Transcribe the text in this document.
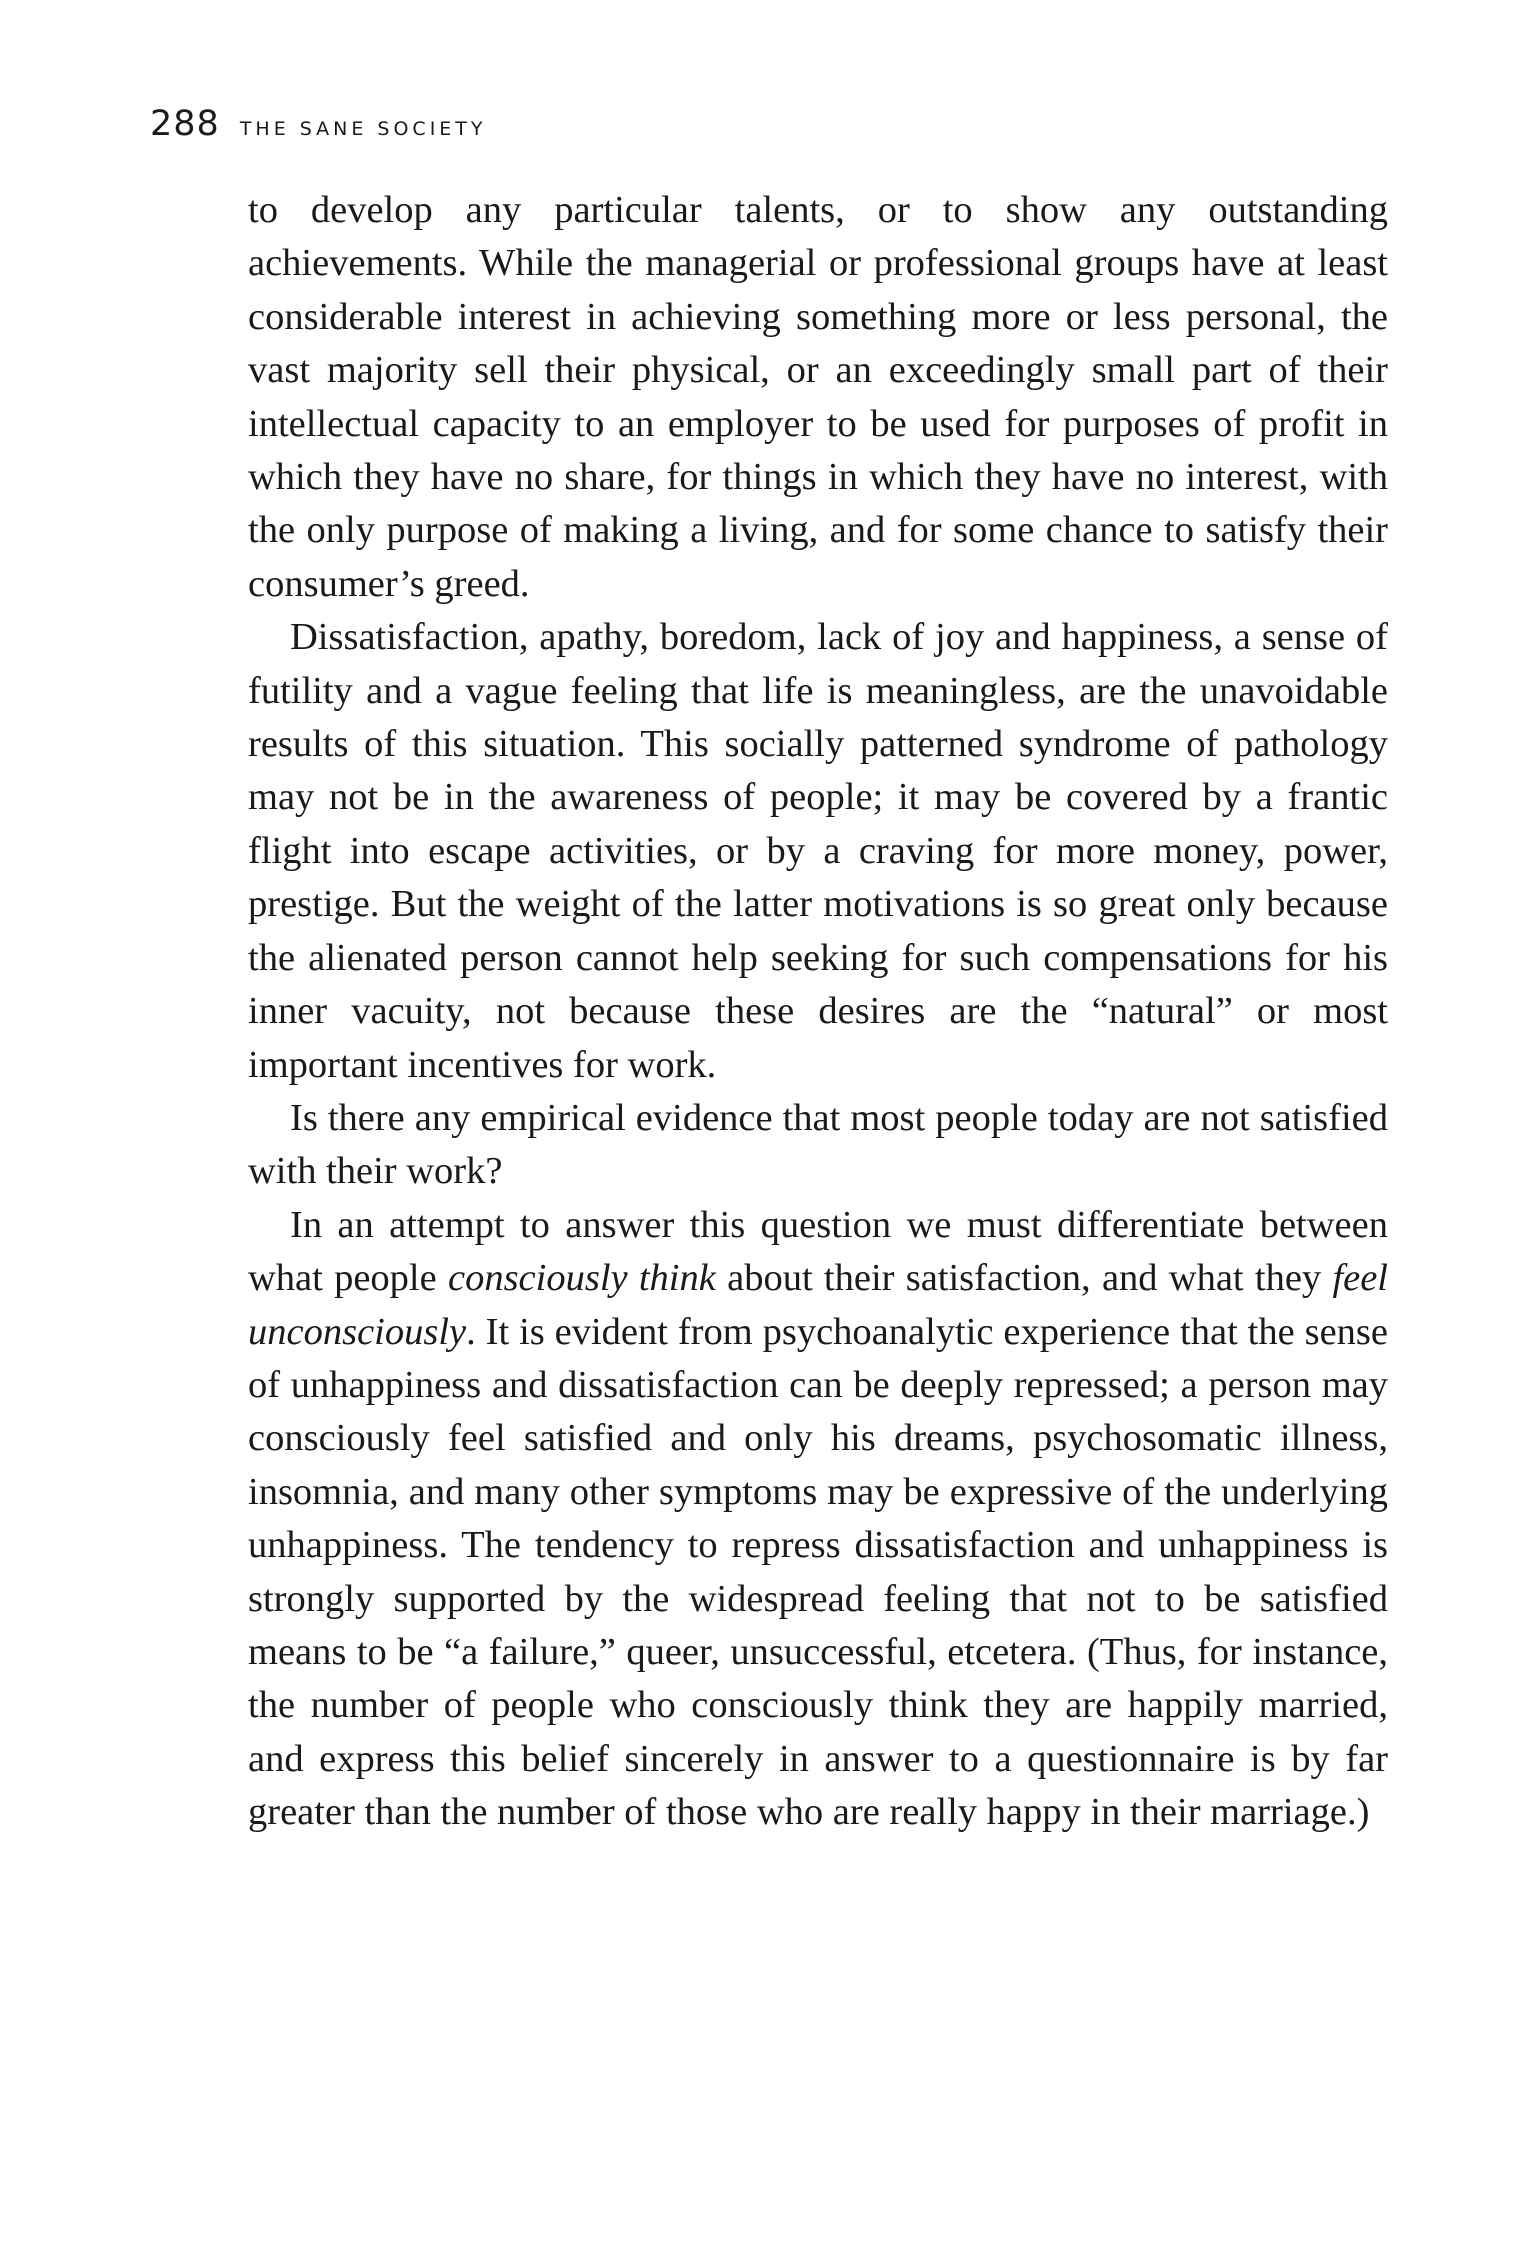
288 THE SANE SOCIETY

to develop any particular talents, or to show any outstanding achievements. While the managerial or professional groups have at least considerable interest in achieving something more or less personal, the vast majority sell their physical, or an exceedingly small part of their intellectual capacity to an employer to be used for purposes of profit in which they have no share, for things in which they have no interest, with the only purpose of making a living, and for some chance to satisfy their consumer’s greed.

Dissatisfaction, apathy, boredom, lack of joy and happiness, a sense of futility and a vague feeling that life is meaningless, are the unavoidable results of this situation. This socially patterned syndrome of pathology may not be in the awareness of people; it may be covered by a frantic flight into escape activities, or by a craving for more money, power, prestige. But the weight of the latter motivations is so great only because the alienated person cannot help seeking for such compensations for his inner vacuity, not because these desires are the “natural” or most important incentives for work.

Is there any empirical evidence that most people today are not satisfied with their work?

In an attempt to answer this question we must differentiate between what people consciously think about their satisfaction, and what they feel unconsciously. It is evident from psychoanalytic experience that the sense of unhappiness and dissatisfaction can be deeply repressed; a person may consciously feel satisfied and only his dreams, psychosomatic illness, insomnia, and many other symptoms may be expressive of the underlying unhappiness. The tendency to repress dissatisfaction and unhappiness is strongly supported by the widespread feeling that not to be satisfied means to be “a failure,” queer, unsuccessful, etcetera. (Thus, for instance, the number of people who consciously think they are happily married, and express this belief sincerely in answer to a questionnaire is by far greater than the number of those who are really happy in their marriage.)
